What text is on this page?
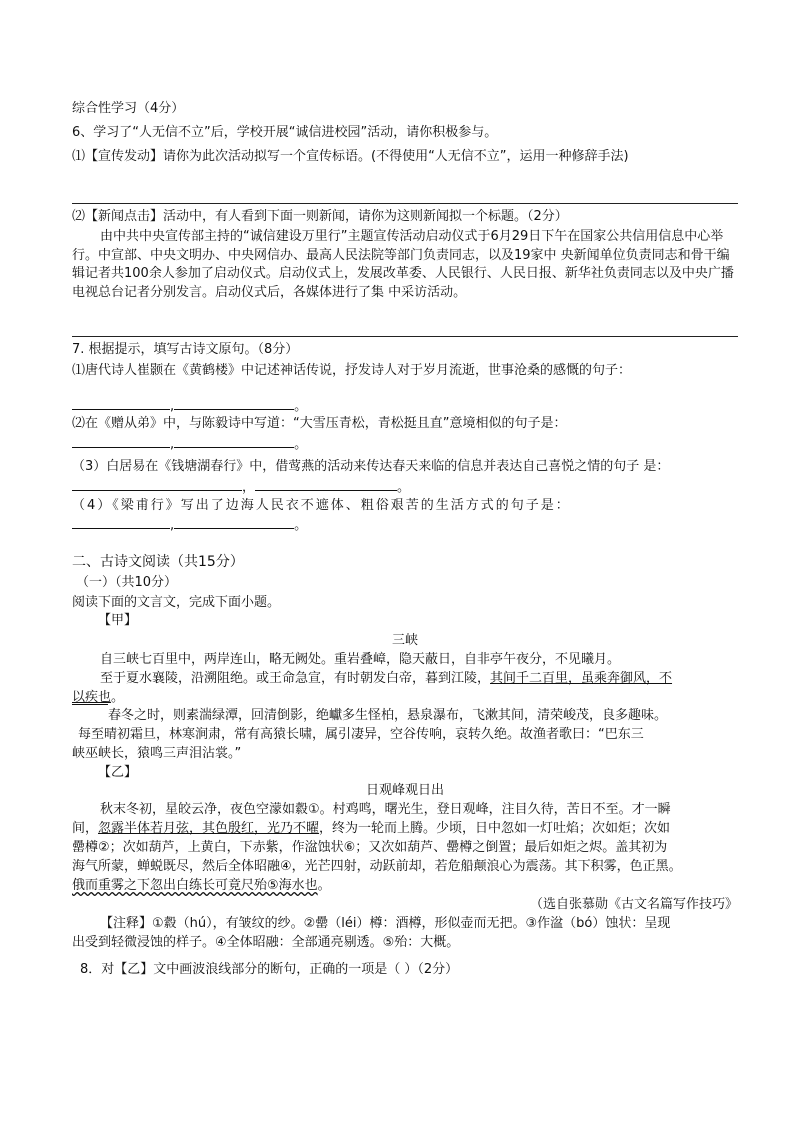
综合性学习（4分）
6、学习了“人无信不立”后，学校开展“诚信进校园”活动，请你积极参与。
⑴【宣传发动】请你为此次活动拟写一个宣传标语。(不得使用“人无信不立”，运用一种修辞手法)
⑵【新闻点击】活动中，有人看到下面一则新闻，请你为这则新闻拟一个标题。（2分）
由中共中央宣传部主持的“诚信建设万里行”主题宣传活动启动仪式于6月29日下午在国家公共信用信息中心举行。中宣部、中央文明办、中央网信办、最高人民法院等部门负责同志，以及19家中 央新闻单位负责同志和骨干编辑记者共100余人参加了启动仪式。启动仪式上，发展改革委、人民银行、人民日报、新华社负责同志以及中央广播电视总台记者分别发言。启动仪式后，各媒体进行了集 中采访活动。
7. 根据提示，填写古诗文原句。（8分）
⑴唐代诗人崔颢在《黄鹤楼》中记述神话传说，抒发诗人对于岁月流逝，世事沧桑的感慨的句子：
,	。
⑵在《赠从弟》中，与陈毅诗中写道：“大雪压青松，青松挺且直”意境相似的句子是：
,	。
（3）白居易在《钱塘湖春行》中，借莺燕的活动来传达春天来临的信息并表达自己喜悦之情的句子 是：
，	。
（4）《梁甫行》写出了边海人民衣不遮体、粗俗艰苦的生活方式的句子是：
,	。
二、古诗文阅读（共15分）
（一）（共10分）
阅读下面的文言文，完成下面小题。
【甲】
三峡
自三峡七百里中，两岸连山，略无阙处。重岩叠嶂，隐天蔽日，自非亭午夜分，不见曦月。
至于夏水襄陵，沿溯阻绝。或王命急宣，有时朝发白帝，暮到江陵，其间千二百里，虽乘奔御风，不
以疾也。
春冬之时，则素湍绿潭，回清倒影，绝巘多生怪柏，悬泉瀑布，飞漱其间，清荣峻茂，良多趣味。
每至晴初霜旦，林寒涧肃，常有高猿长啸，属引凄异，空谷传响，哀转久绝。故渔者歌曰：“巴东三
峡巫峡长，猿鸣三声泪沾裳。”
【乙】
日观峰观日出
秋末冬初，星皎云净，夜色空濛如縠①。村鸡鸣，曙光生，登日观峰，注目久待，苦日不至。才一瞬
间，忽露半体若月弦，其色殷红，光乃不曜，终为一轮而上腾。少顷，日中忽如一灯吐焰；次如炬；次如
罍樽②；次如葫芦，上黄白，下赤紫，作湓蚀状⑥；又次如葫芦、罍樽之倒置；最后如炬之烬。盖其初为
海气所蒙，蝉蜕既尽，然后全体昭融④，光芒四射，动跃前却，若危船颠浪心为震荡。其下积雾，色正黑。
俄而重雾之下忽出白练长可竟尺殆⑤海水也。
（选自张慕勋《古文名篇写作技巧》
【注释】①縠（hú），有皱纹的纱。②罍（léi）樽：酒樽，形似壶而无把。③作湓（bó）蚀状：呈现
出受到轻微浸蚀的样子。④全体昭融：全部通亮剔透。⑤殆：大概。
8．对【乙】文中画波浪线部分的断句，正确的一项是（ ）（2分）
